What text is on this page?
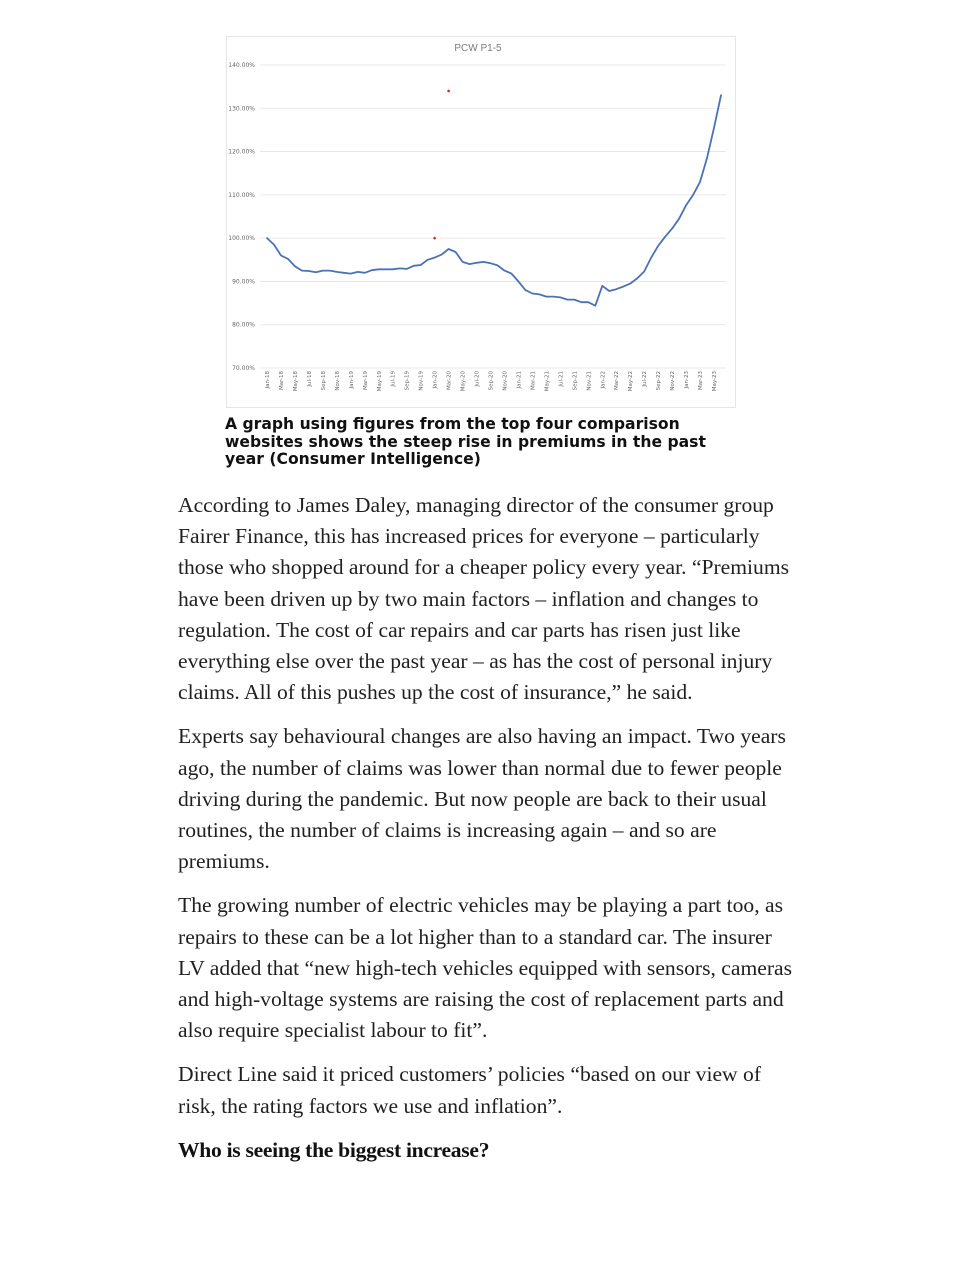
PCW P1-5
70.00%
80.00%
90.00%
100.00%
110.00%
120.00%
130.00%
140.00%
Jan-18 Mar-18 May-18 Jul-18 Sep-18 Nov-18 Jan-19 Mar-19 May-19 Jul-19 Sep-19 Nov-19 Jan-20 Mar-20 May-20 Jul-20 Sep-20 Nov-20 Jan-21 Mar-21 May-21 Jul-21 Sep-21 Nov-21 Jan-22 Mar-22 May-22 Jul-22 Sep-22 Nov-22 Jan-23 Mar-23 May-23
A graph using figures from the top four comparison websites shows the steep rise in premiums in the past year (Consumer Intelligence)

According to James Daley, managing director of the consumer group Fairer Finance, this has increased prices for everyone – particularly those who shopped around for a cheaper policy every year. “Premiums have been driven up by two main factors – inflation and changes to regulation. The cost of car repairs and car parts has risen just like everything else over the past year – as has the cost of personal injury claims. All of this pushes up the cost of insurance,” he said.

Experts say behavioural changes are also having an impact. Two years ago, the number of claims was lower than normal due to fewer people driving during the pandemic. But now people are back to their usual routines, the number of claims is increasing again – and so are premiums.

The growing number of electric vehicles may be playing a part too, as repairs to these can be a lot higher than to a standard car. The insurer LV added that “new high-tech vehicles equipped with sensors, cameras and high-voltage systems are raising the cost of replacement parts and also require specialist labour to fit”.

Direct Line said it priced customers’ policies “based on our view of risk, the rating factors we use and inflation”.

Who is seeing the biggest increase?
